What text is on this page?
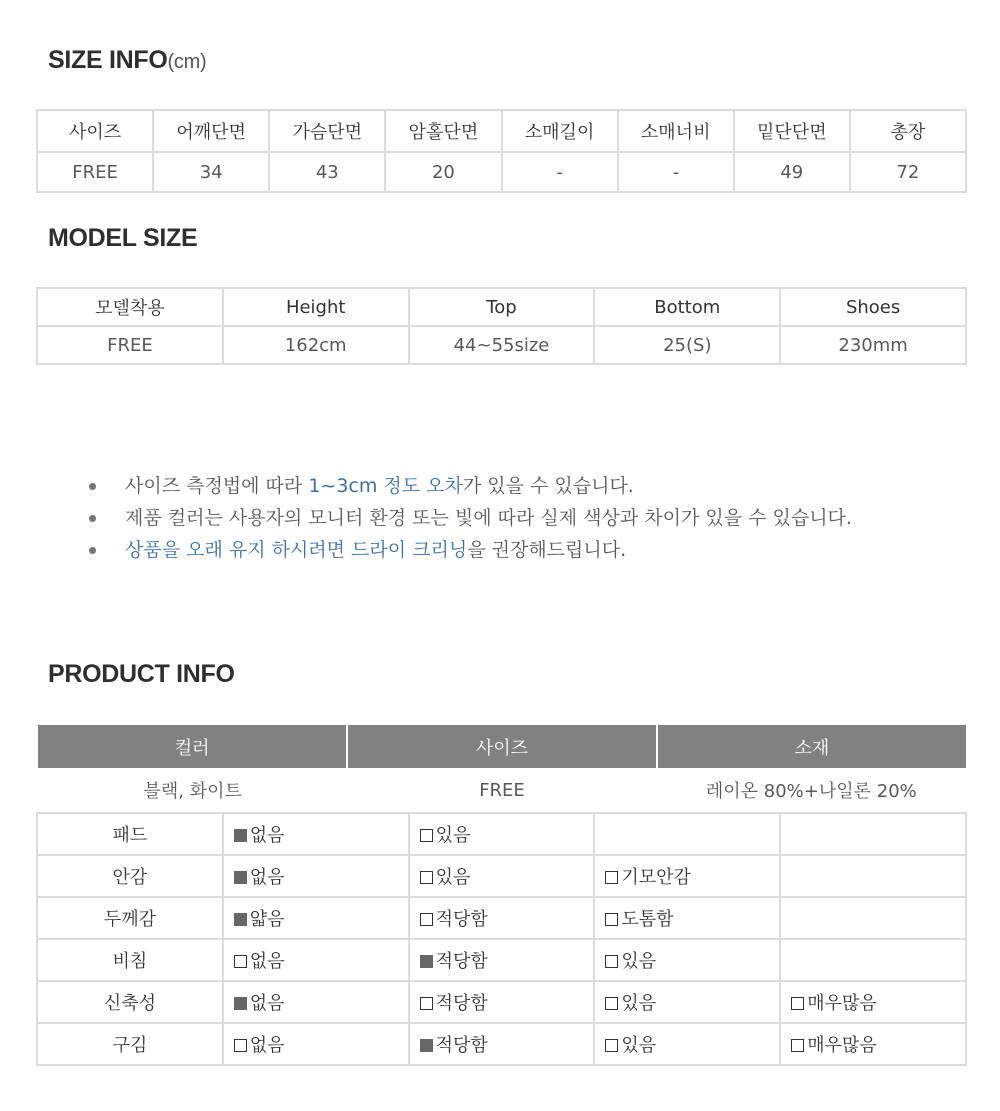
SIZE INFO(cm)
사이즈	어깨단면	가슴단면	암홀단면	소매길이	소매너비	밑단단면	총장
FREE	34	43	20	-	-	49	72
MODEL SIZE
모델착용	Height	Top	Bottom	Shoes
FREE	162cm	44~55size	25(S)	230mm
사이즈 측정법에 따라 1~3cm 정도 오차가 있을 수 있습니다.
제품 컬러는 사용자의 모니터 환경 또는 빛에 따라 실제 색상과 차이가 있을 수 있습니다.
상품을 오래 유지 하시려면 드라이 크리닝을 권장해드립니다.
PRODUCT INFO
컬러	사이즈	소재
블랙, 화이트	FREE	레이온 80%+나일론 20%
패드	없음	있음		
안감	없음	있음	기모안감	
두께감	얇음	적당함	도톰함	
비침	없음	적당함	있음	
신축성	없음	적당함	있음	매우많음
구김	없음	적당함	있음	매우많음
